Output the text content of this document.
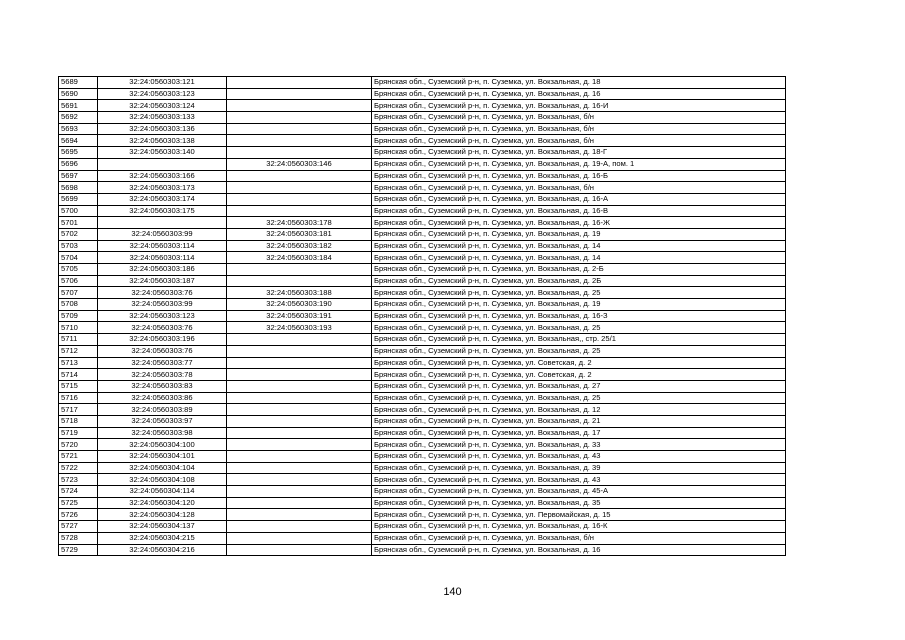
5689	32:24:0560303:121		Брянская обл., Суземский р-н, п. Суземка, ул. Вокзальная, д. 18
5690	32:24:0560303:123		Брянская обл., Суземский р-н, п. Суземка, ул. Вокзальная, д. 16
5691	32:24:0560303:124		Брянская обл., Суземский р-н, п. Суземка, ул. Вокзальная, д. 16-И
5692	32:24:0560303:133		Брянская обл., Суземский р-н, п. Суземка, ул. Вокзальная, б/н
5693	32:24:0560303:136		Брянская обл., Суземский р-н, п. Суземка, ул. Вокзальная, б/н
5694	32:24:0560303:138		Брянская обл., Суземский р-н, п. Суземка, ул. Вокзальная, б/н
5695	32:24:0560303:140		Брянская обл., Суземский р-н, п. Суземка, ул. Вокзальная, д. 18-Г
5696		32:24:0560303:146	Брянская обл., Суземский р-н, п. Суземка, ул. Вокзальная, д. 19-А, пом. 1
5697	32:24:0560303:166		Брянская обл., Суземский р-н, п. Суземка, ул. Вокзальная, д. 16-Б
5698	32:24:0560303:173		Брянская обл., Суземский р-н, п. Суземка, ул. Вокзальная, б/н
5699	32:24:0560303:174		Брянская обл., Суземский р-н, п. Суземка, ул. Вокзальная, д. 16-А
5700	32:24:0560303:175		Брянская обл., Суземский р-н, п. Суземка, ул. Вокзальная, д. 16-В
5701		32:24:0560303:178	Брянская обл., Суземский р-н, п. Суземка, ул. Вокзальная, д. 16-Ж
5702	32:24:0560303:99	32:24:0560303:181	Брянская обл., Суземский р-н, п. Суземка, ул. Вокзальная, д. 19
5703	32:24:0560303:114	32:24:0560303:182	Брянская обл., Суземский р-н, п. Суземка, ул. Вокзальная, д. 14
5704	32:24:0560303:114	32:24:0560303:184	Брянская обл., Суземский р-н, п. Суземка, ул. Вокзальная, д. 14
5705	32:24:0560303:186		Брянская обл., Суземский р-н, п. Суземка, ул. Вокзальная, д. 2-Б
5706	32:24:0560303:187		Брянская обл., Суземский р-н, п. Суземка, ул. Вокзальная, д. 2Б
5707	32:24:0560303:76	32:24:0560303:188	Брянская обл., Суземский р-н, п. Суземка, ул. Вокзальная, д. 25
5708	32:24:0560303:99	32:24:0560303:190	Брянская обл., Суземский р-н, п. Суземка, ул. Вокзальная, д. 19
5709	32:24:0560303:123	32:24:0560303:191	Брянская обл., Суземский р-н, п. Суземка, ул. Вокзальная, д. 16-З
5710	32:24:0560303:76	32:24:0560303:193	Брянская обл., Суземский р-н, п. Суземка, ул. Вокзальная, д. 25
5711	32:24:0560303:196		Брянская обл., Суземский р-н, п. Суземка, ул. Вокзальная,, стр. 25/1
5712	32:24:0560303:76		Брянская обл., Суземский р-н, п. Суземка, ул. Вокзальная, д. 25
5713	32:24:0560303:77		Брянская обл., Суземский р-н, п. Суземка, ул. Советская, д. 2
5714	32:24:0560303:78		Брянская обл., Суземский р-н, п. Суземка, ул. Советская, д. 2
5715	32:24:0560303:83		Брянская обл., Суземский р-н, п. Суземка, ул. Вокзальная, д. 27
5716	32:24:0560303:86		Брянская обл., Суземский р-н, п. Суземка, ул. Вокзальная, д. 25
5717	32:24:0560303:89		Брянская обл., Суземский р-н, п. Суземка, ул. Вокзальная, д. 12
5718	32:24:0560303:97		Брянская обл., Суземский р-н, п. Суземка, ул. Вокзальная, д. 21
5719	32:24:0560303:98		Брянская обл., Суземский р-н, п. Суземка, ул. Вокзальная, д. 17
5720	32:24:0560304:100		Брянская обл., Суземский р-н, п. Суземка, ул. Вокзальная, д. 33
5721	32:24:0560304:101		Брянская обл., Суземский р-н, п. Суземка, ул. Вокзальная, д. 43
5722	32:24:0560304:104		Брянская обл., Суземский р-н, п. Суземка, ул. Вокзальная, д. 39
5723	32:24:0560304:108		Брянская обл., Суземский р-н, п. Суземка, ул. Вокзальная, д. 43
5724	32:24:0560304:114		Брянская обл., Суземский р-н, п. Суземка, ул. Вокзальная, д. 45-А
5725	32:24:0560304:120		Брянская обл., Суземский р-н, п. Суземка, ул. Вокзальная, д. 35
5726	32:24:0560304:128		Брянская обл., Суземский р-н, п. Суземка, ул. Первомайская, д. 15
5727	32:24:0560304:137		Брянская обл., Суземский р-н, п. Суземка, ул. Вокзальная, д. 16-К
5728	32:24:0560304:215		Брянская обл., Суземский р-н, п. Суземка, ул. Вокзальная, б/н
5729	32:24:0560304:216		Брянская обл., Суземский р-н, п. Суземка, ул. Вокзальная, д. 16
140
